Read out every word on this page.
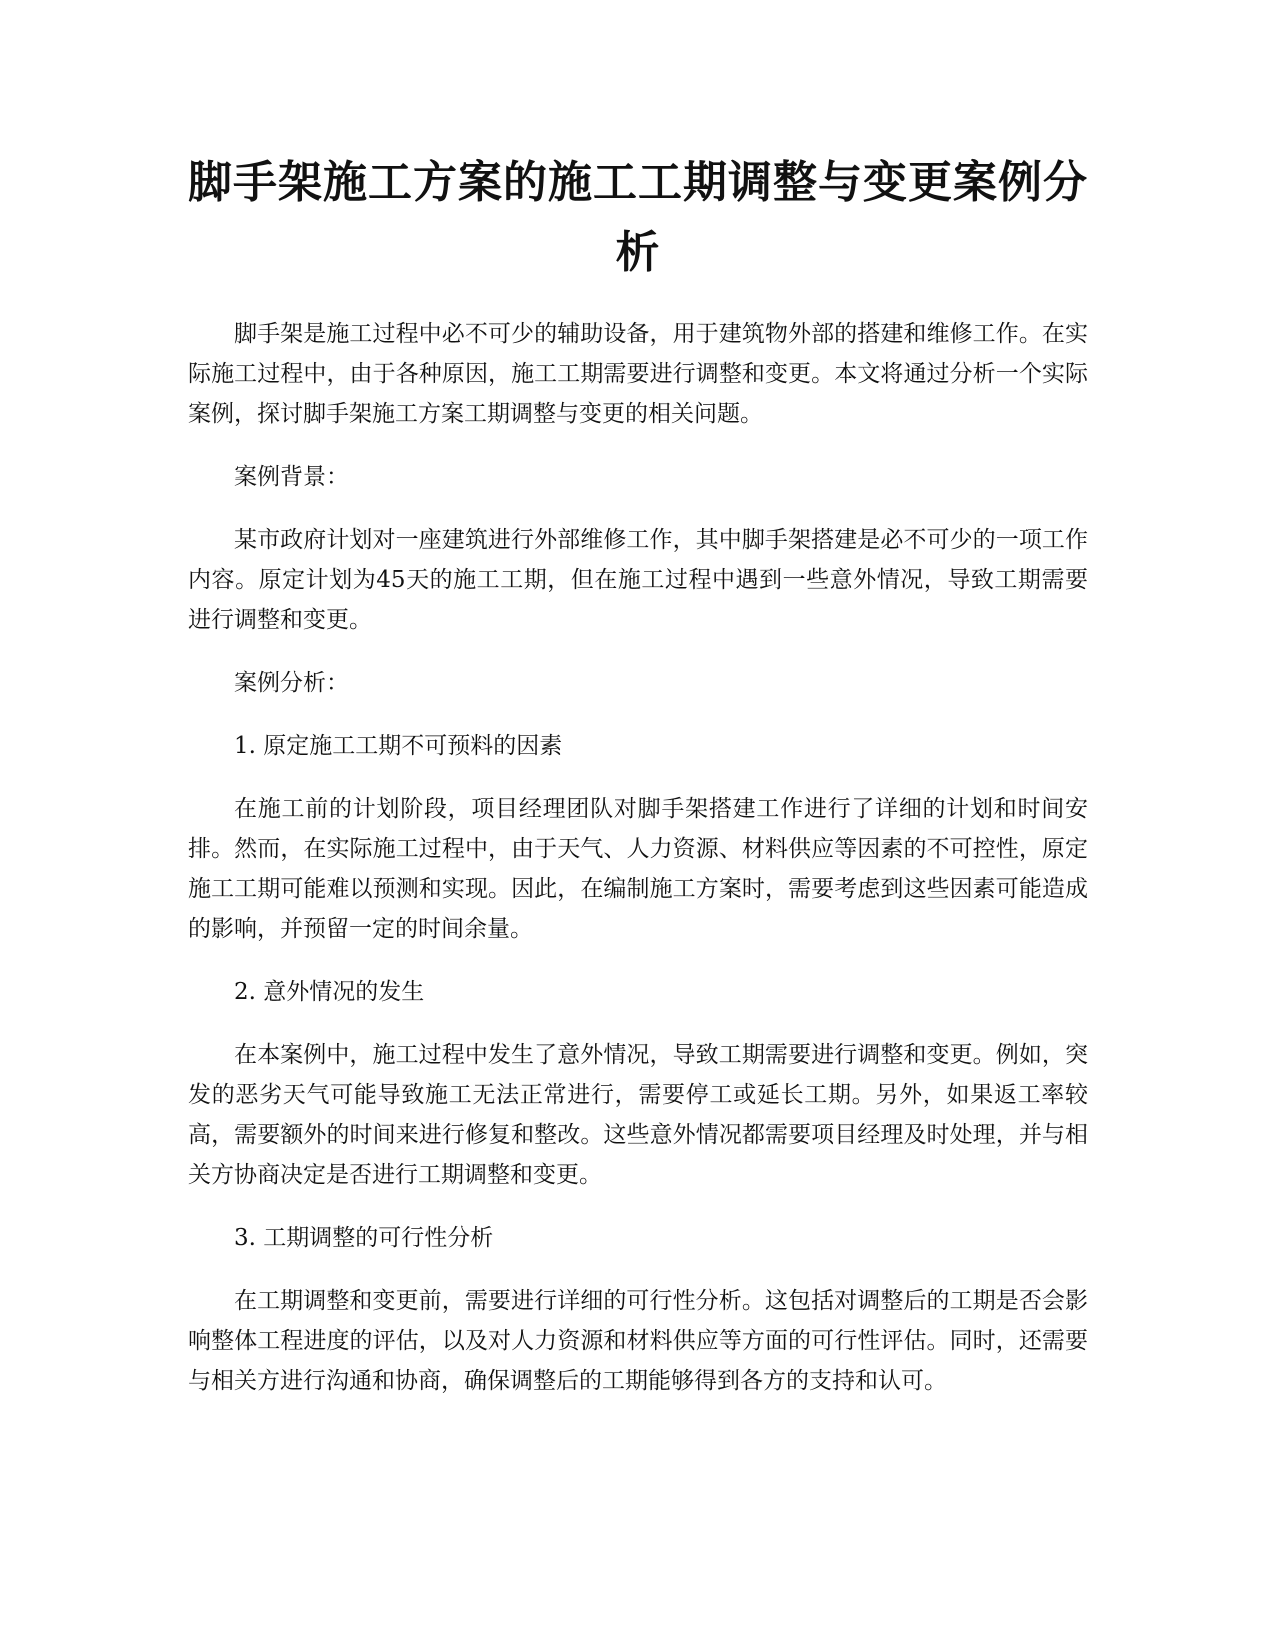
脚手架施工方案的施工工期调整与变更案例分析

脚手架是施工过程中必不可少的辅助设备，用于建筑物外部的搭建和维修工作。在实际施工过程中，由于各种原因，施工工期需要进行调整和变更。本文将通过分析一个实际案例，探讨脚手架施工方案工期调整与变更的相关问题。

案例背景：

某市政府计划对一座建筑进行外部维修工作，其中脚手架搭建是必不可少的一项工作内容。原定计划为45天的施工工期，但在施工过程中遇到一些意外情况，导致工期需要进行调整和变更。

案例分析：

1. 原定施工工期不可预料的因素

在施工前的计划阶段，项目经理团队对脚手架搭建工作进行了详细的计划和时间安排。然而，在实际施工过程中，由于天气、人力资源、材料供应等因素的不可控性，原定施工工期可能难以预测和实现。因此，在编制施工方案时，需要考虑到这些因素可能造成的影响，并预留一定的时间余量。

2. 意外情况的发生

在本案例中，施工过程中发生了意外情况，导致工期需要进行调整和变更。例如，突发的恶劣天气可能导致施工无法正常进行，需要停工或延长工期。另外，如果返工率较高，需要额外的时间来进行修复和整改。这些意外情况都需要项目经理及时处理，并与相关方协商决定是否进行工期调整和变更。

3. 工期调整的可行性分析

在工期调整和变更前，需要进行详细的可行性分析。这包括对调整后的工期是否会影响整体工程进度的评估，以及对人力资源和材料供应等方面的可行性评估。同时，还需要与相关方进行沟通和协商，确保调整后的工期能够得到各方的支持和认可。
